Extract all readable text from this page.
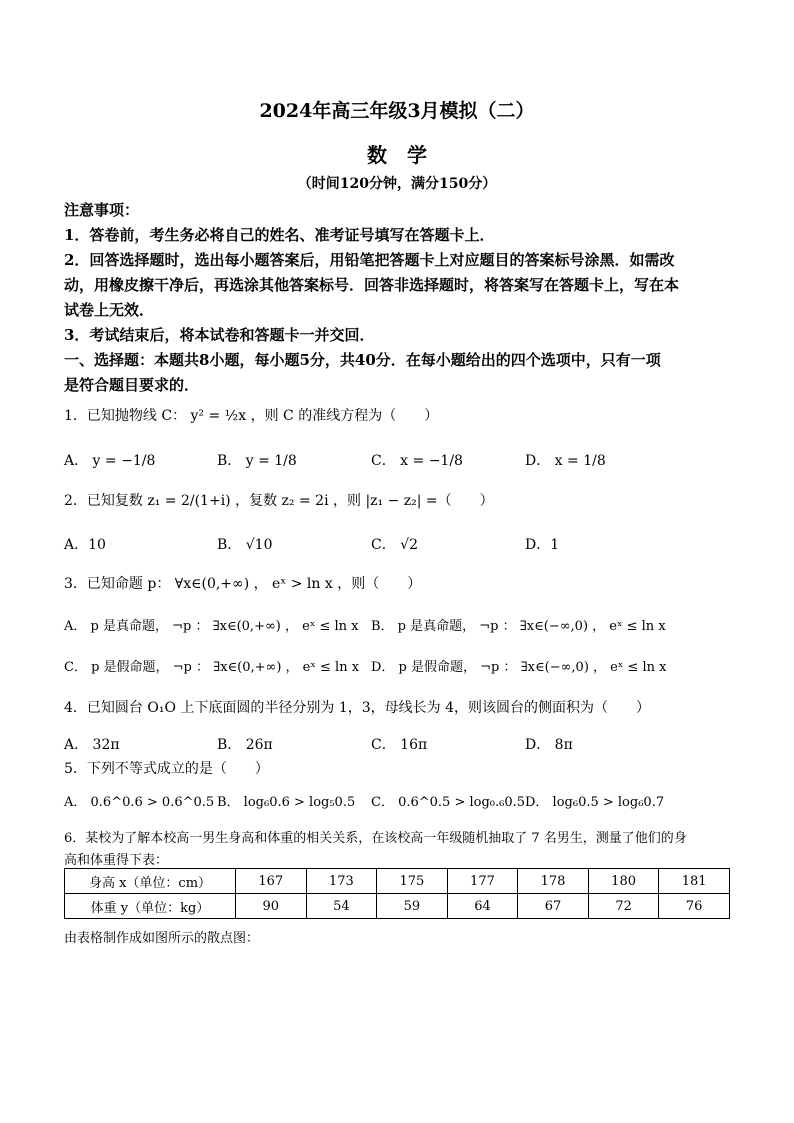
2024年高三年级3月模拟（二）
数　学
（时间120分钟，满分150分）
注意事项：
1．答卷前，考生务必将自己的姓名、准考证号填写在答题卡上．
2．回答选择题时，选出每小题答案后，用铅笔把答题卡上对应题目的答案标号涂黑．如需改
动，用橡皮擦干净后，再选涂其他答案标号．回答非选择题时，将答案写在答题卡上，写在本
试卷上无效．
3．考试结束后，将本试卷和答题卡一并交回．
一、选择题：本题共8小题，每小题5分，共40分．在每小题给出的四个选项中，只有一项
是符合题目要求的．
1．已知抛物线 C： y² = ½x ，则 C 的准线方程为（　　）
A． y = −1/8	B． y = 1/8	C． x = −1/8	D． x = 1/8
2．已知复数 z₁ = 2/(1+i) ，复数 z₂ = 2i ，则 |z₁ − z₂| =（　　）
A．10	B． √10	C． √2	D．1
3．已知命题 p： ∀x∈(0,+∞) ， eˣ > ln x ，则（　　）
A． p 是真命题， ¬p ： ∃x∈(0,+∞) ， eˣ ≤ ln x B． p 是真命题， ¬p ： ∃x∈(−∞,0) ， eˣ ≤ ln x
C． p 是假命题， ¬p ： ∃x∈(0,+∞) ， eˣ ≤ ln x D． p 是假命题， ¬p ： ∃x∈(−∞,0) ， eˣ ≤ ln x
4．已知圆台 O₁O 上下底面圆的半径分别为 1，3，母线长为 4，则该圆台的侧面积为（　　）
A． 32π	B． 26π	C． 16π	D． 8π
5．下列不等式成立的是（　　）
A． 0.6^0.6 > 0.6^0.5 B． log₆0.6 > log₅0.5 C． 0.6^0.5 > log₀.₆0.5 D． log₆0.5 > log₆0.7
6．某校为了解本校高一男生身高和体重的相关关系，在该校高一年级随机抽取了 7 名男生，测量了他们的身
高和体重得下表：
身高 x（单位：cm）	167	173	175	177	178	180	181
体重 y（单位：kg）	90	54	59	64	67	72	76
由表格制作成如图所示的散点图：
